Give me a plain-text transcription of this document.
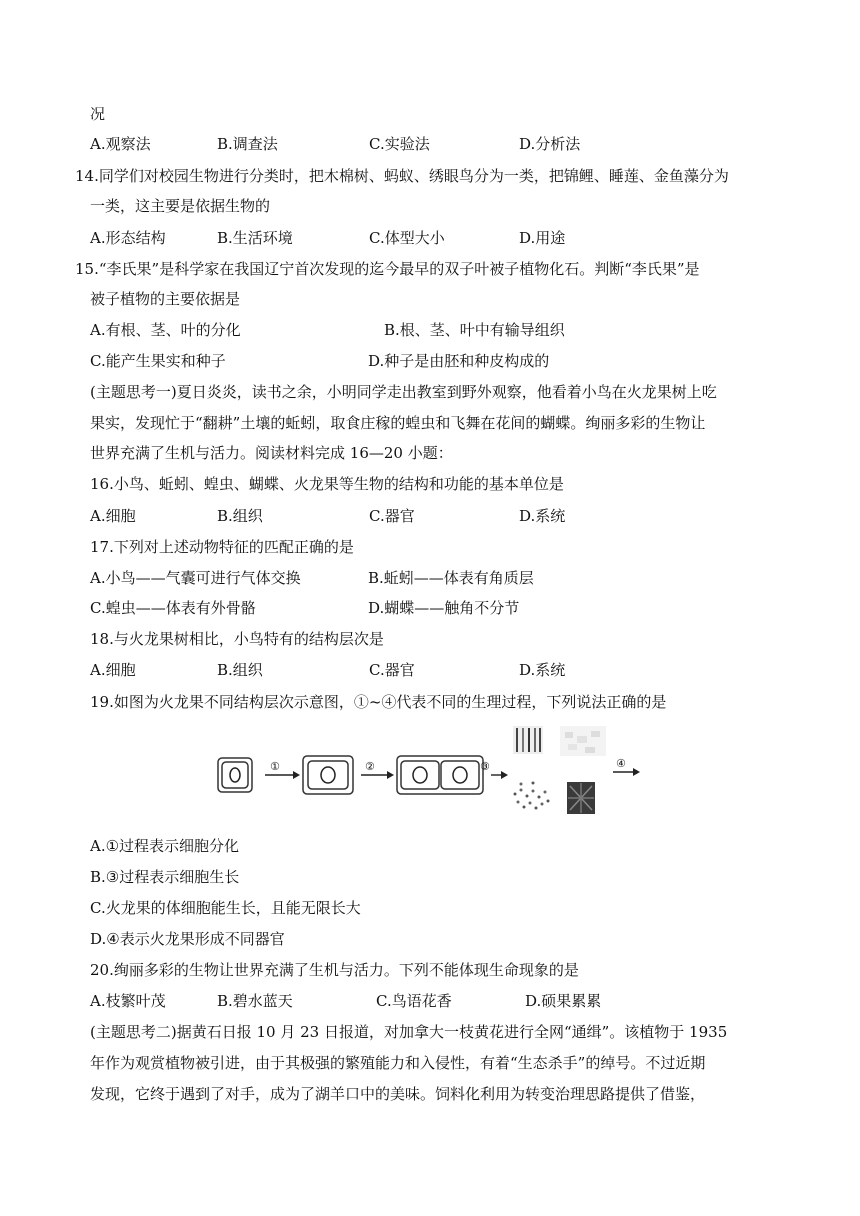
况
A.观察法	B.调查法	C.实验法	D.分析法
14.同学们对校园生物进行分类时，把木棉树、蚂蚁、绣眼鸟分为一类，把锦鲤、睡莲、金鱼藻分为
一类，这主要是依据生物的
A.形态结构	B.生活环境	C.体型大小	D.用途
15.“李氏果”是科学家在我国辽宁首次发现的迄今最早的双子叶被子植物化石。判断“李氏果”是
被子植物的主要依据是
A.有根、茎、叶的分化	B.根、茎、叶中有输导组织
C.能产生果实和种子	D.种子是由胚和种皮构成的
(主题思考一)夏日炎炎，读书之余，小明同学走出教室到野外观察，他看着小鸟在火龙果树上吃
果实，发现忙于“翻耕”土壤的蚯蚓，取食庄稼的蝗虫和飞舞在花间的蝴蝶。绚丽多彩的生物让
世界充满了生机与活力。阅读材料完成 16—20 小题：
16.小鸟、蚯蚓、蝗虫、蝴蝶、火龙果等生物的结构和功能的基本单位是
A.细胞	B.组织	C.器官	D.系统
17.下列对上述动物特征的匹配正确的是
A.小鸟——气囊可进行气体交换	B.蚯蚓——体表有角质层
C.蝗虫——体表有外骨骼	D.蝴蝶——触角不分节
18.与火龙果树相比，小鸟特有的结构层次是
A.细胞	B.组织	C.器官	D.系统
19.如图为火龙果不同结构层次示意图，①~④代表不同的生理过程，下列说法正确的是
①	②	③	④
A.①过程表示细胞分化
B.③过程表示细胞生长
C.火龙果的体细胞能生长，且能无限长大
D.④表示火龙果形成不同器官
20.绚丽多彩的生物让世界充满了生机与活力。下列不能体现生命现象的是
A.枝繁叶茂	B.碧水蓝天	C.鸟语花香	D.硕果累累
(主题思考二)据黄石日报 10 月 23 日报道，对加拿大一枝黄花进行全网“通缉”。该植物于 1935
年作为观赏植物被引进，由于其极强的繁殖能力和入侵性，有着“生态杀手”的绰号。不过近期
发现，它终于遇到了对手，成为了湖羊口中的美味。饲料化利用为转变治理思路提供了借鉴，
